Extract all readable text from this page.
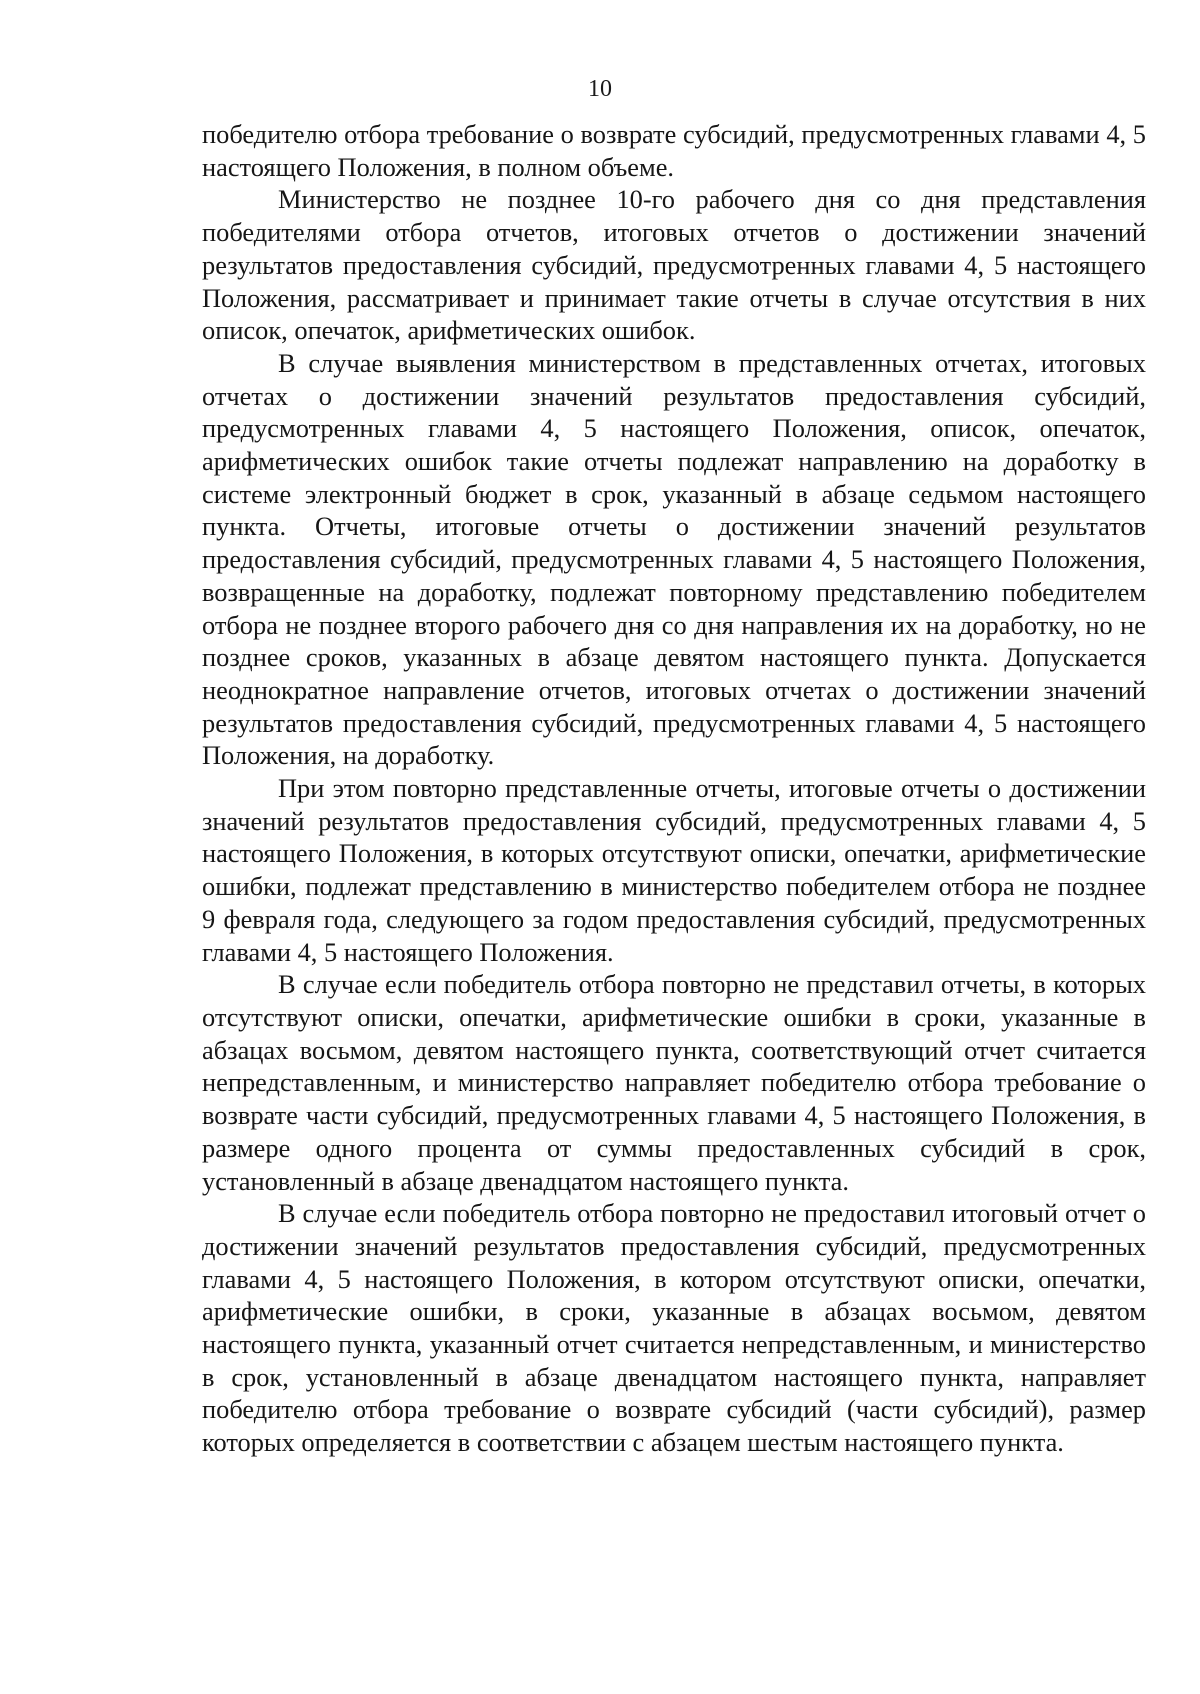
10

победителю отбора требование о возврате субсидий, предусмотренных главами 4, 5 настоящего Положения, в полном объеме.

Министерство не позднее 10-го рабочего дня со дня представления победителями отбора отчетов, итоговых отчетов о достижении значений результатов предоставления субсидий, предусмотренных главами 4, 5 настоящего Положения, рассматривает и принимает такие отчеты в случае отсутствия в них описок, опечаток, арифметических ошибок.

В случае выявления министерством в представленных отчетах, итоговых отчетах о достижении значений результатов предоставления субсидий, предусмотренных главами 4, 5 настоящего Положения, описок, опечаток, арифметических ошибок такие отчеты подлежат направлению на доработку в системе электронный бюджет в срок, указанный в абзаце седьмом настоящего пункта. Отчеты, итоговые отчеты о достижении значений результатов предоставления субсидий, предусмотренных главами 4, 5 настоящего Положения, возвращенные на доработку, подлежат повторному представлению победителем отбора не позднее второго рабочего дня со дня направления их на доработку, но не позднее сроков, указанных в абзаце девятом настоящего пункта. Допускается неоднократное направление отчетов, итоговых отчетах о достижении значений результатов предоставления субсидий, предусмотренных главами 4, 5 настоящего Положения, на доработку.

При этом повторно представленные отчеты, итоговые отчеты о достижении значений результатов предоставления субсидий, предусмотренных главами 4, 5 настоящего Положения, в которых отсутствуют описки, опечатки, арифметические ошибки, подлежат представлению в министерство победителем отбора не позднее 9 февраля года, следующего за годом предоставления субсидий, предусмотренных главами 4, 5 настоящего Положения.

В случае если победитель отбора повторно не представил отчеты, в которых отсутствуют описки, опечатки, арифметические ошибки в сроки, указанные в абзацах восьмом, девятом настоящего пункта, соответствующий отчет считается непредставленным, и министерство направляет победителю отбора требование о возврате части субсидий, предусмотренных главами 4, 5 настоящего Положения, в размере одного процента от суммы предоставленных субсидий в срок, установленный в абзаце двенадцатом настоящего пункта.

В случае если победитель отбора повторно не предоставил итоговый отчет о достижении значений результатов предоставления субсидий, предусмотренных главами 4, 5 настоящего Положения, в котором отсутствуют описки, опечатки, арифметические ошибки, в сроки, указанные в абзацах восьмом, девятом настоящего пункта, указанный отчет считается непредставленным, и министерство в срок, установленный в абзаце двенадцатом настоящего пункта, направляет победителю отбора требование о возврате субсидий (части субсидий), размер которых определяется в соответствии с абзацем шестым настоящего пункта.
